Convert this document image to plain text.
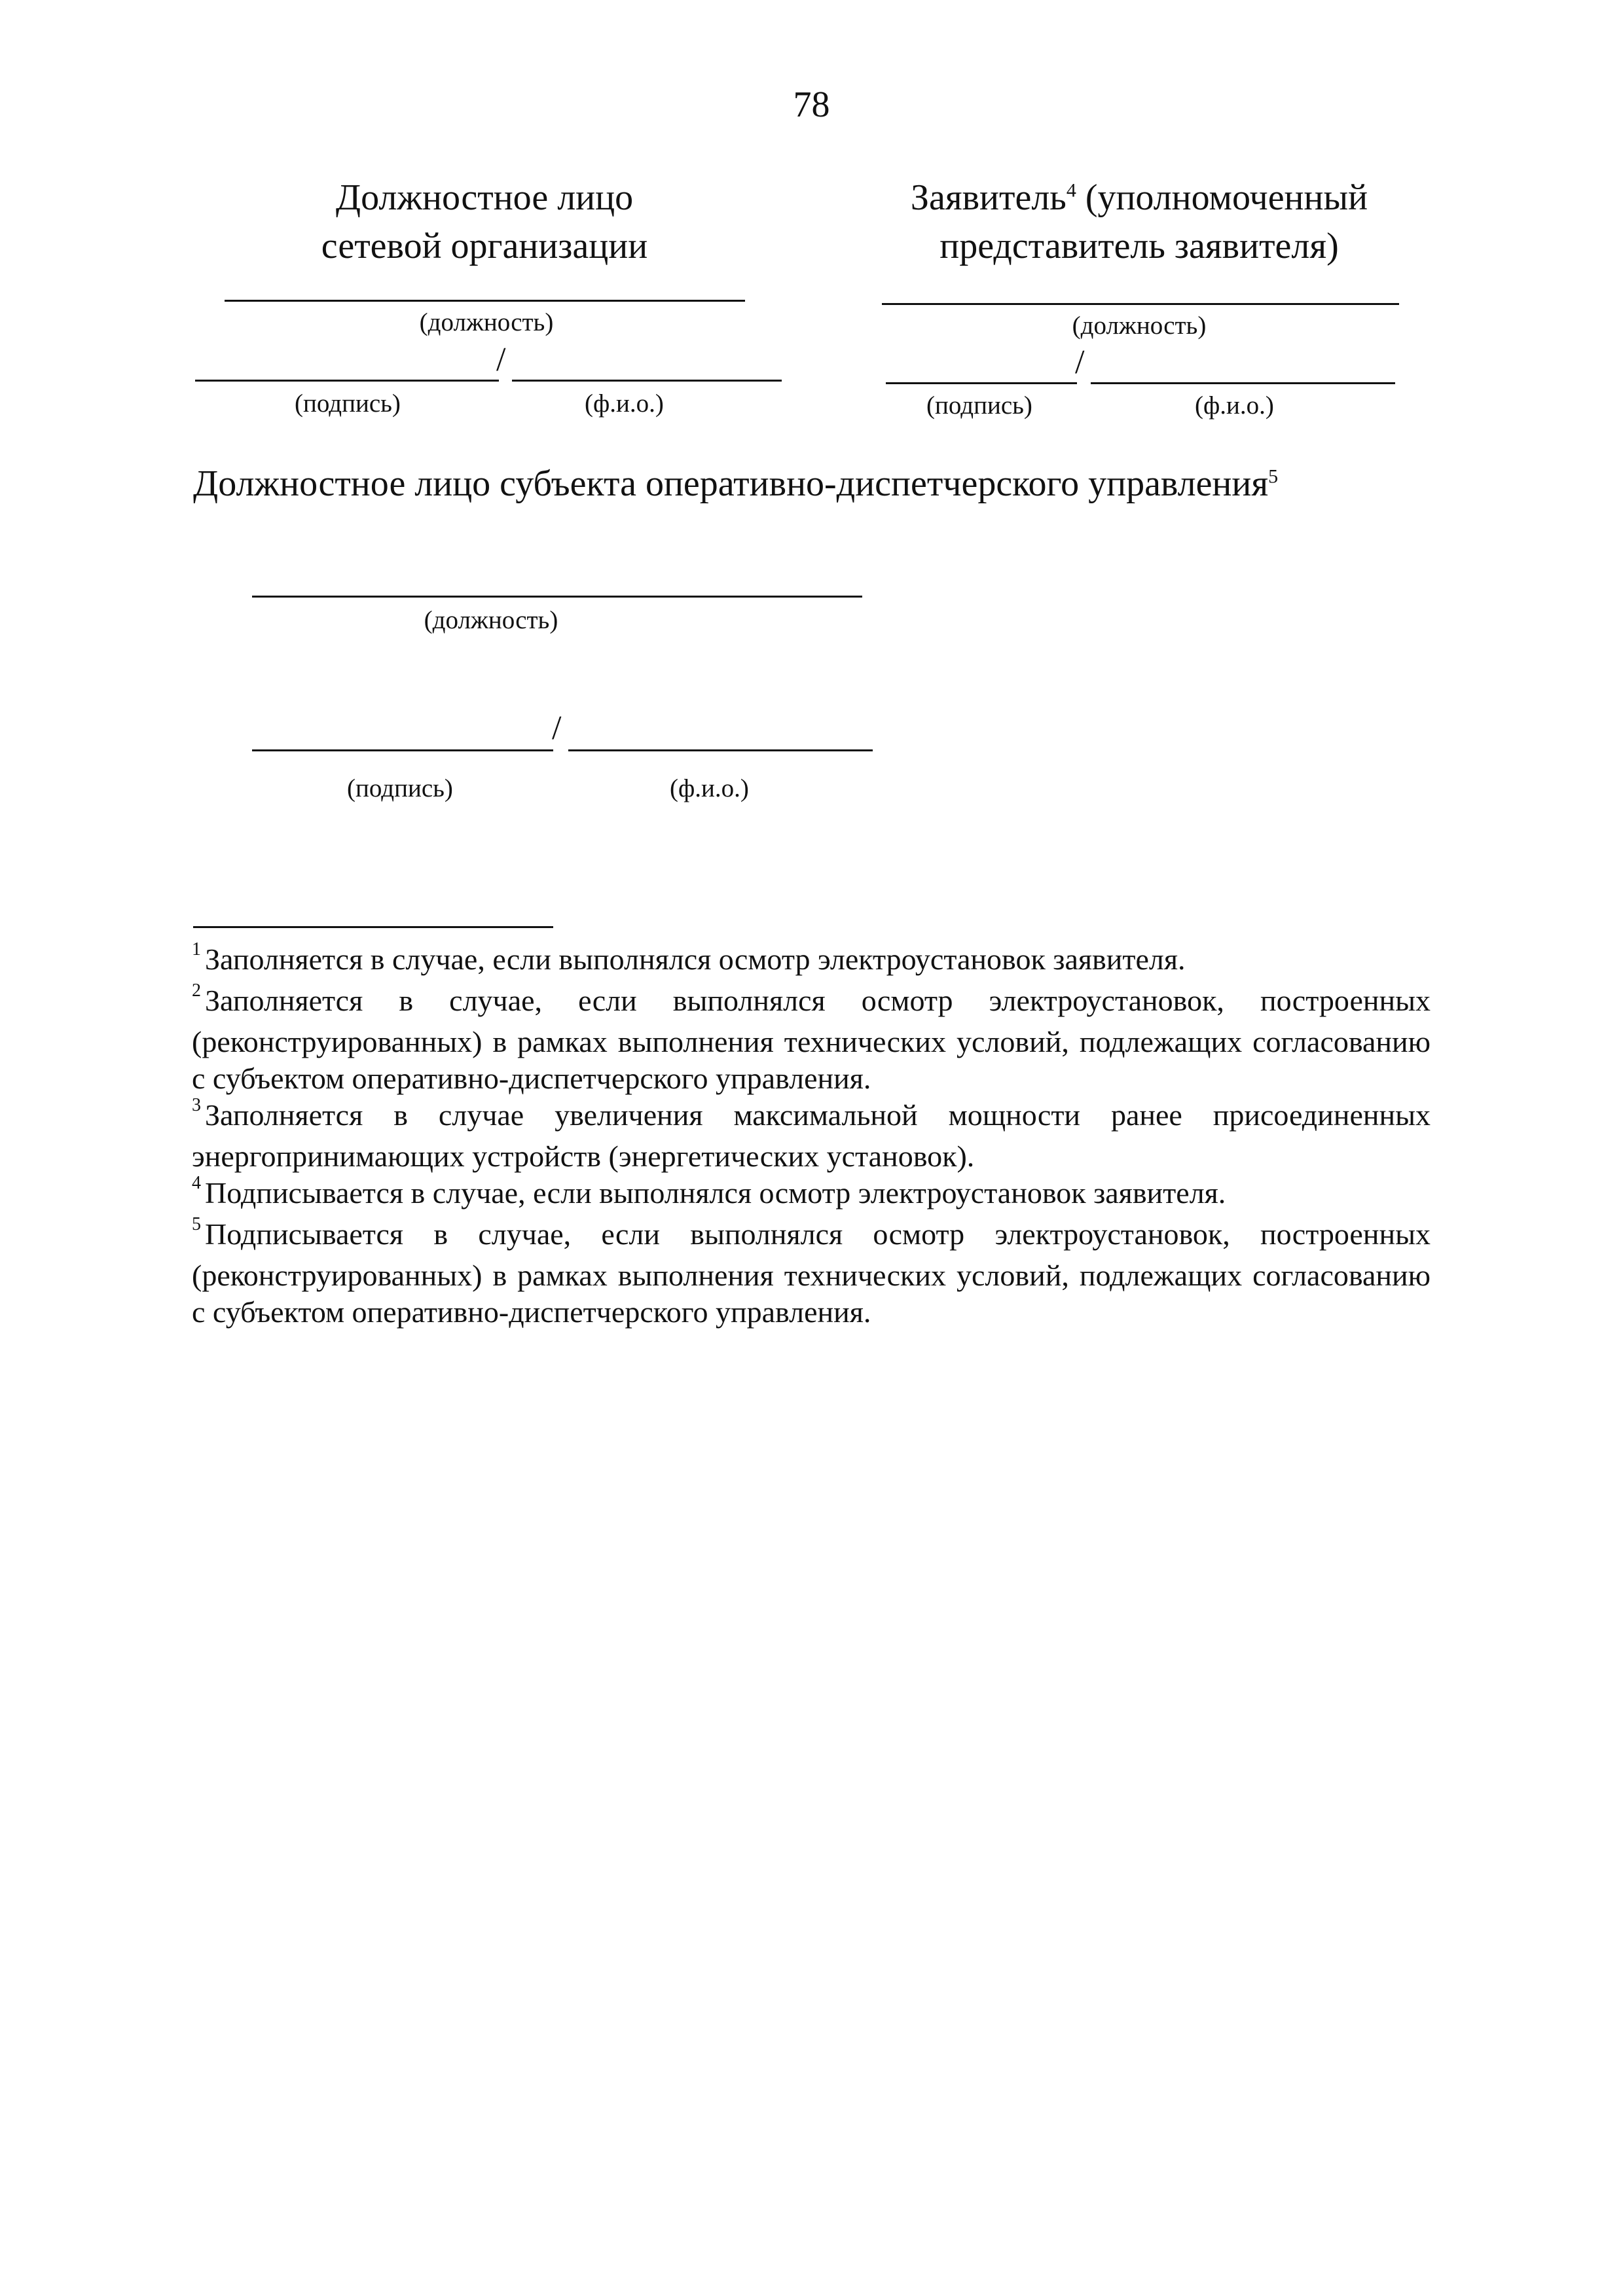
78
Должностное лицо
сетевой организации
(должность)
/
(подпись)	(ф.и.о.)
Заявитель$^4$ (уполномоченный
представитель заявителя)
(должность)
/
(подпись)	(ф.и.о.)
Должностное лицо субъекта оперативно-диспетчерского управления$^5$
(должность)
/
(подпись)	(ф.и.о.)

$^1$ Заполняется в случае, если выполнялся осмотр электроустановок заявителя.

$^2$ Заполняется в случае, если выполнялся осмотр электроустановок, построенных (реконструированных) в рамках выполнения технических условий, подлежащих согласованию с субъектом оперативно-диспетчерского управления.

$^3$ Заполняется в случае увеличения максимальной мощности ранее присоединенных энергопринимающих устройств (энергетических установок).

$^4$ Подписывается в случае, если выполнялся осмотр электроустановок заявителя.

$^5$ Подписывается в случае, если выполнялся осмотр электроустановок, построенных (реконструированных) в рамках выполнения технических условий, подлежащих согласованию с субъектом оперативно-диспетчерского управления.
